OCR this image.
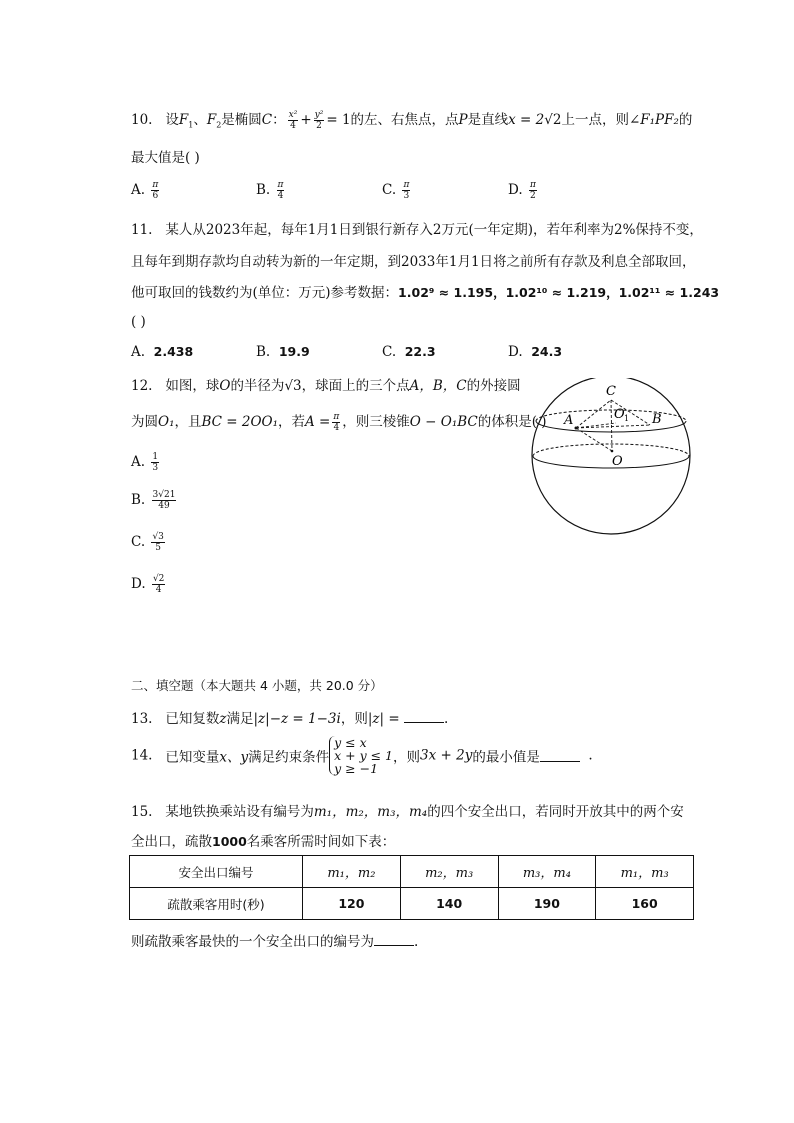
10. 设$F_1$、$F_2$是椭圆C： $\frac{\text{x²}}{4} + \frac{\text{y²}}{2} = 1$的左、右焦点，点P是直线x = 2√2上一点，则∠F₁PF₂的
最大值是( )
A. $\frac{\pi}{6}$	B. $\frac{\pi}{4}$	C. $\frac{\pi}{3}$	D. $\frac{\pi}{2}$
11. 某人从2023年起，每年1月1日到银行新存入2万元(一年定期)，若年利率为2%保持不变，
且每年到期存款均自动转为新的一年定期，到2033年1月1日将之前所有存款及利息全部取回，
他可取回的钱数约为(单位：万元)参考数据：1.02⁹ ≈ 1.195，1.02¹⁰ ≈ 1.219，1.02¹¹ ≈ 1.243
( )
A. 2.438	B. 19.9	C. 22.3	D. 24.3
12. 如图，球O的半径为√3，球面上的三个点A，B，C的外接圆
为圆O₁，且BC = 2OO₁，若$A = \frac{\pi}{4}$ ，则三棱锥O − O₁BC的体积是( )
A. $\frac{1}{3}$
B. $\frac{3√21}{49}$
C. $\frac{√3}{5}$
D. $\frac{√2}{4}$
C
A	O 1 B
O
二、填空题（本大题共 4 小题，共 20.0 分）
13. 已知复数z满足|z|−z = 1−3i，则|z| =	.
14. 已知变量x、y满足约束条件y ≤ x
x + y ≤ 1
y ≥ −1，则3x + 2y的最小值是	.
15. 某地铁换乘站设有编号为m₁，m₂，m₃，m₄的四个安全出口，若同时开放其中的两个安
全出口，疏散1000名乘客所需时间如下表：
安全出口编号	m₁，m₂	m₂，m₃	m₃，m₄	m₁，m₃
疏散乘客用时(秒)	120	140	190	160
则疏散乘客最快的一个安全出口的编号为	.
